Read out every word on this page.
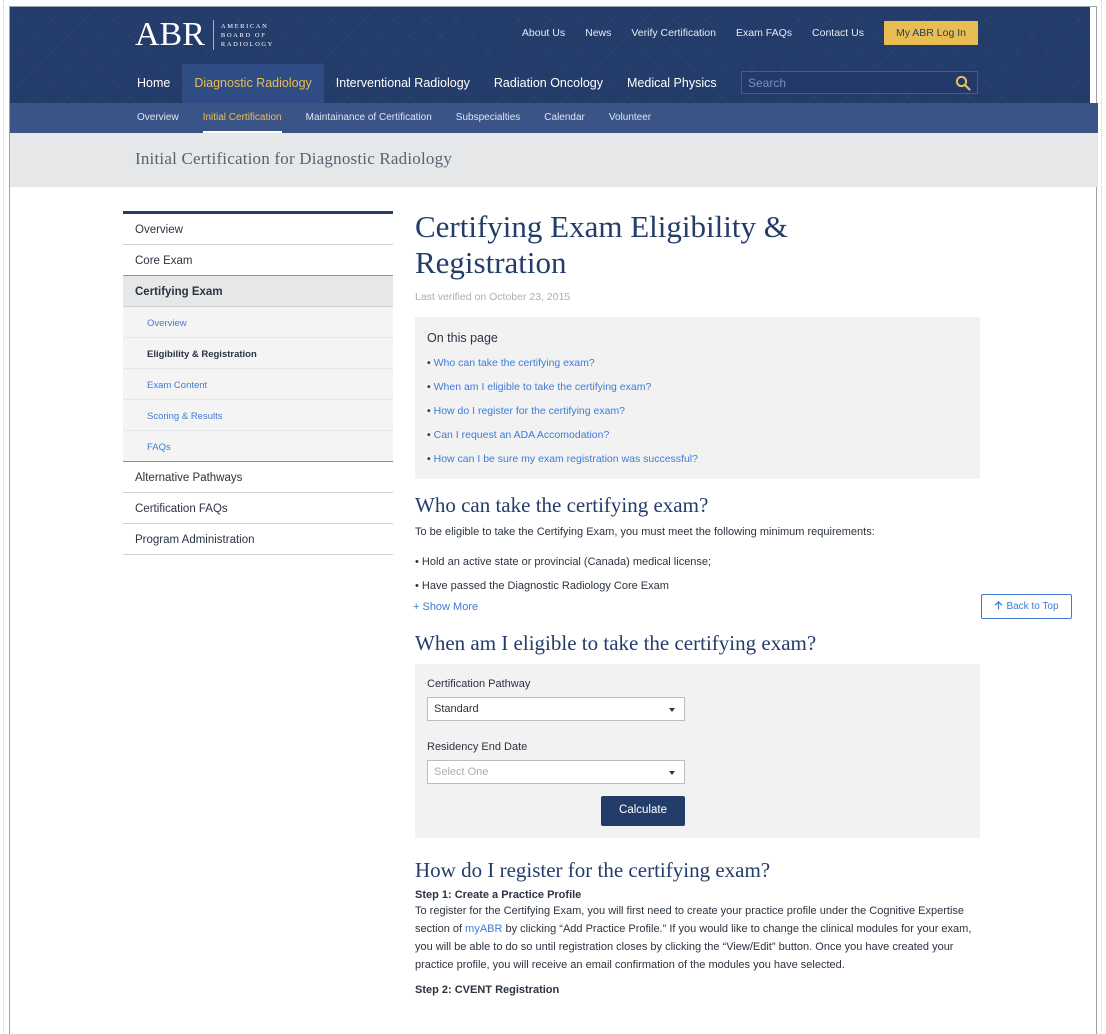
ABR AMERICAN
BOARD OF
RADIOLOGY
About Us News Verify Certification Exam FAQs Contact Us	My ABR Log In
Home	Diagnostic Radiology	Interventional Radiology	Radiation Oncology	Medical Physics
Search
Overview	Initial Certification	Maintainance of Certification	Subspecialties	Calendar	Volunteer
Initial Certification for Diagnostic Radiology
Overview
Core Exam
Certifying Exam
Overview
Eligibility & Registration
Exam Content
Scoring & Results
FAQs
Alternative Pathways
Certification FAQs
Program Administration
Certifying Exam Eligibility &
Registration
Last verified on October 23, 2015
On this page
• Who can take the certifying exam?
• When am I eligible to take the certifying exam?
• How do I register for the certifying exam?
• Can I request an ADA Accomodation?
• How can I be sure my exam registration was successful?
Who can take the certifying exam?

To be eligible to take the Certifying Exam, you must meet the following minimum requirements:

• Hold an active state or provincial (Canada) medical license;

• Have passed the Diagnostic Radiology Core Exam

+ Show More
When am I eligible to take the certifying exam?
Certification Pathway
Standard
Residency End Date
Select One
Calculate
How do I register for the certifying exam?
Step 1: Create a Practice Profile

To register for the Certifying Exam, you will first need to create your practice profile under the Cognitive Expertise section of myABR by clicking “Add Practice Profile.” If you would like to change the clinical modules for your exam, you will be able to do so until registration closes by clicking the “View/Edit” button. Once you have created your practice profile, you will receive an email confirmation of the modules you have selected.

Step 2: CVENT Registration
Back to Top
